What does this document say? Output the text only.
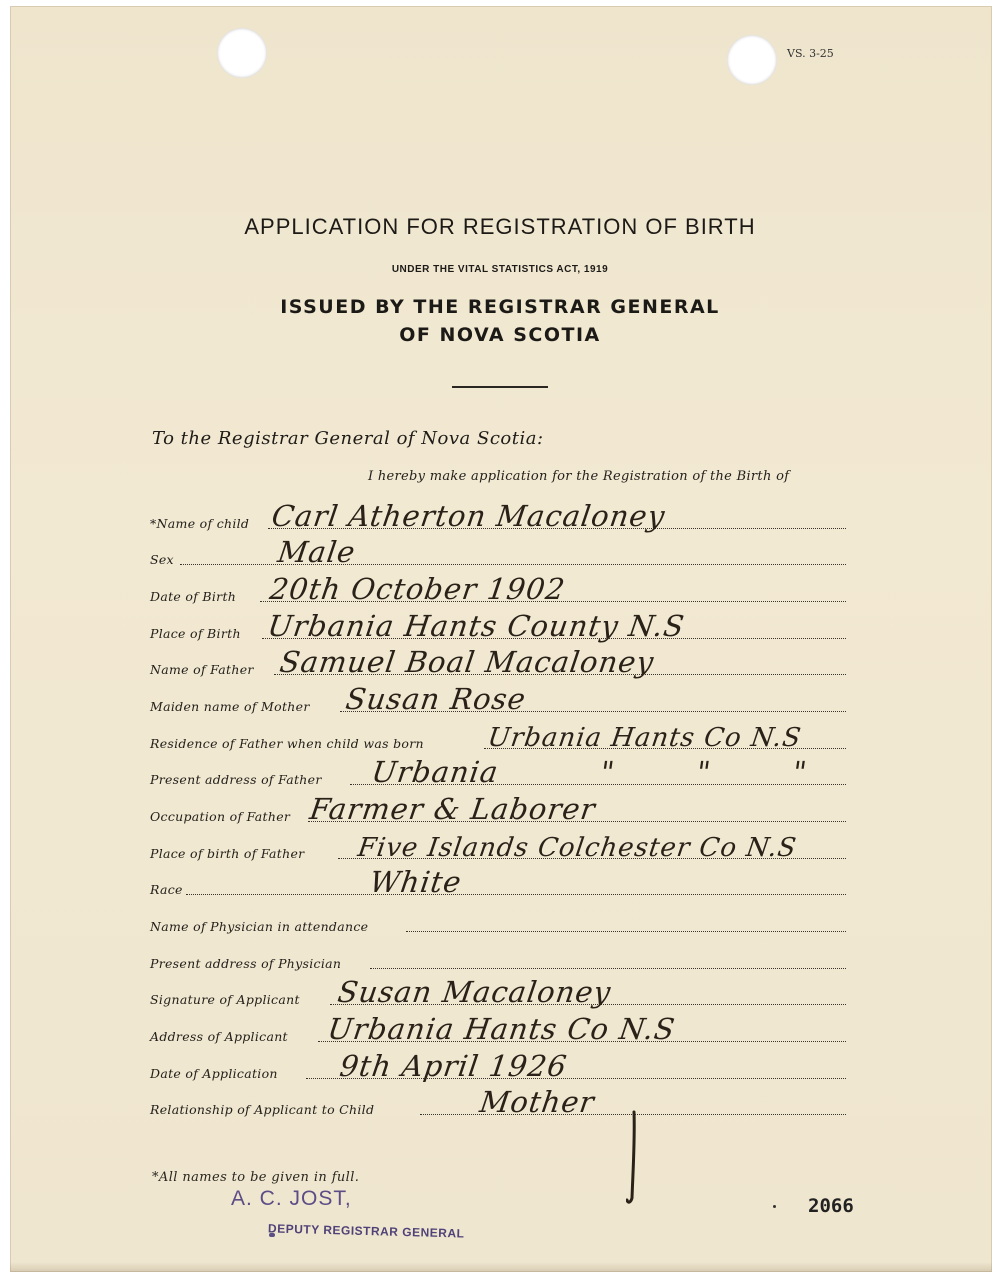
VS. 3-25
APPLICATION FOR REGISTRATION OF BIRTH
UNDER THE VITAL STATISTICS ACT, 1919
ISSUED BY THE REGISTRAR GENERAL
OF NOVA SCOTIA
To the Registrar General of Nova Scotia:
I hereby make application for the Registration of the Birth of
*Name of child Carl Atherton Macaloney
Sex	Male
Date of Birth 20th October 1902
Place of Birth Urbania Hants County N.S
Name of Father Samuel Boal Macaloney
Maiden name of Mother Susan Rose
Residence of Father when child was born Urbania Hants Co N.S
Present address of Father Urbania          "        "        "
Occupation of Father Farmer & Laborer
Place of birth of Father Five Islands Colchester Co N.S
Race	White
Name of Physician in attendance
Present address of Physician
Signature of Applicant Susan Macaloney
Address of Applicant Urbania Hants Co N.S
Date of Application 9th April 1926
Relationship of Applicant to Child	Mother
*All names to be given in full.
A. C. JOST,
DEPUTY REGISTRAR GENERAL
2066
